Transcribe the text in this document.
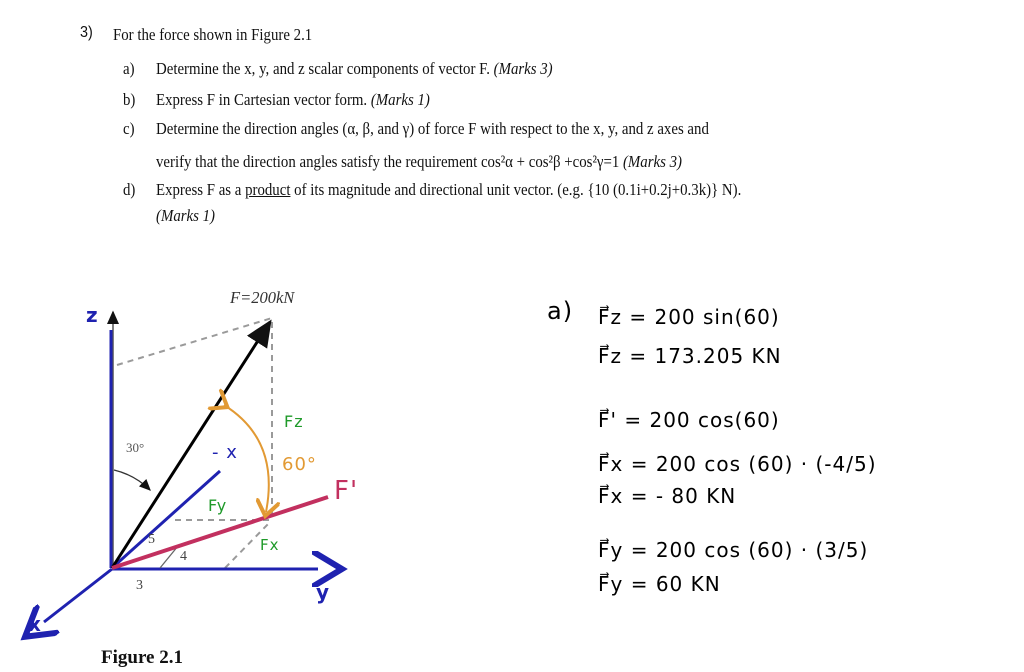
3) For the force shown in Figure 2.1
a) Determine the x, y, and z scalar components of vector F. (Marks 3)
b) Express F in Cartesian vector form. (Marks 1)
c) Determine the direction angles (α, β, and γ) of force F with respect to the x, y, and z axes and
verify that the direction angles satisfy the requirement cos²α + cos²β +cos²γ=1 (Marks 3)
d) Express F as a product of its magnitude and directional unit vector. (e.g. {10 (0.1i+0.2j+0.3k)} N).
(Marks 1)
F=200kN
30°
5
4
3
z
y
x
- x
Fz
Fy
Fx
60°
F'
Figure 2.1
a) F⃗z = 200 sin(60)
F⃗z = 173.205 KN
F⃗' = 200 cos(60)
F⃗x = 200 cos (60) · (-4/5)
F⃗x = - 80 KN
F⃗y = 200 cos (60) · (3/5)
F⃗y = 60 KN
